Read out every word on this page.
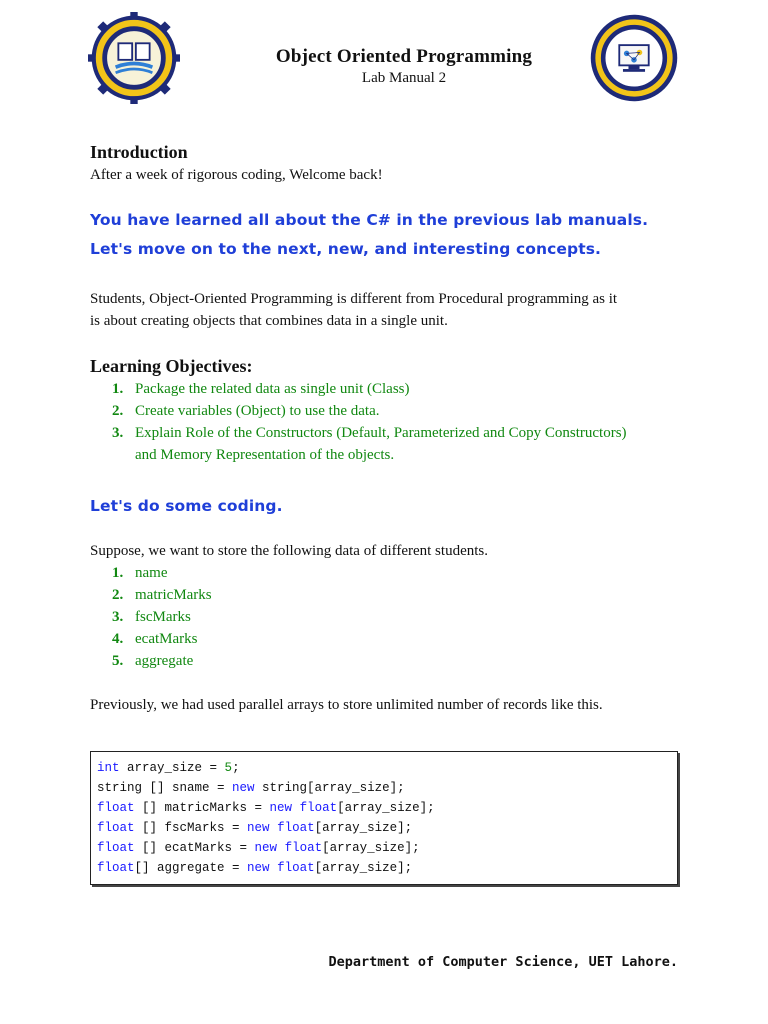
Object Oriented Programming
Lab Manual 2
Introduction

After a week of rigorous coding, Welcome back!

You have learned all about the C# in the previous lab manuals.
Let's move on to the next, new, and interesting concepts.

Students, Object-Oriented Programming is different from Procedural programming as it

is about creating objects that combines data in a single unit.

Learning Objectives:
1. Package the related data as single unit (Class)
2. Create variables (Object) to use the data.
3. Explain Role of the Constructors (Default, Parameterized and Copy Constructors)
and Memory Representation of the objects.
Let's do some coding.

Suppose, we want to store the following data of different students.

1. name
2. matricMarks
3. fscMarks
4. ecatMarks
5. aggregate

Previously, we had used parallel arrays to store unlimited number of records like this.

int array_size = 5;
string [] sname = new string[array_size];
float [] matricMarks = new float[array_size];
float [] fscMarks = new float[array_size];
float [] ecatMarks = new float[array_size];
float[] aggregate = new float[array_size];
Department of Computer Science, UET Lahore.
